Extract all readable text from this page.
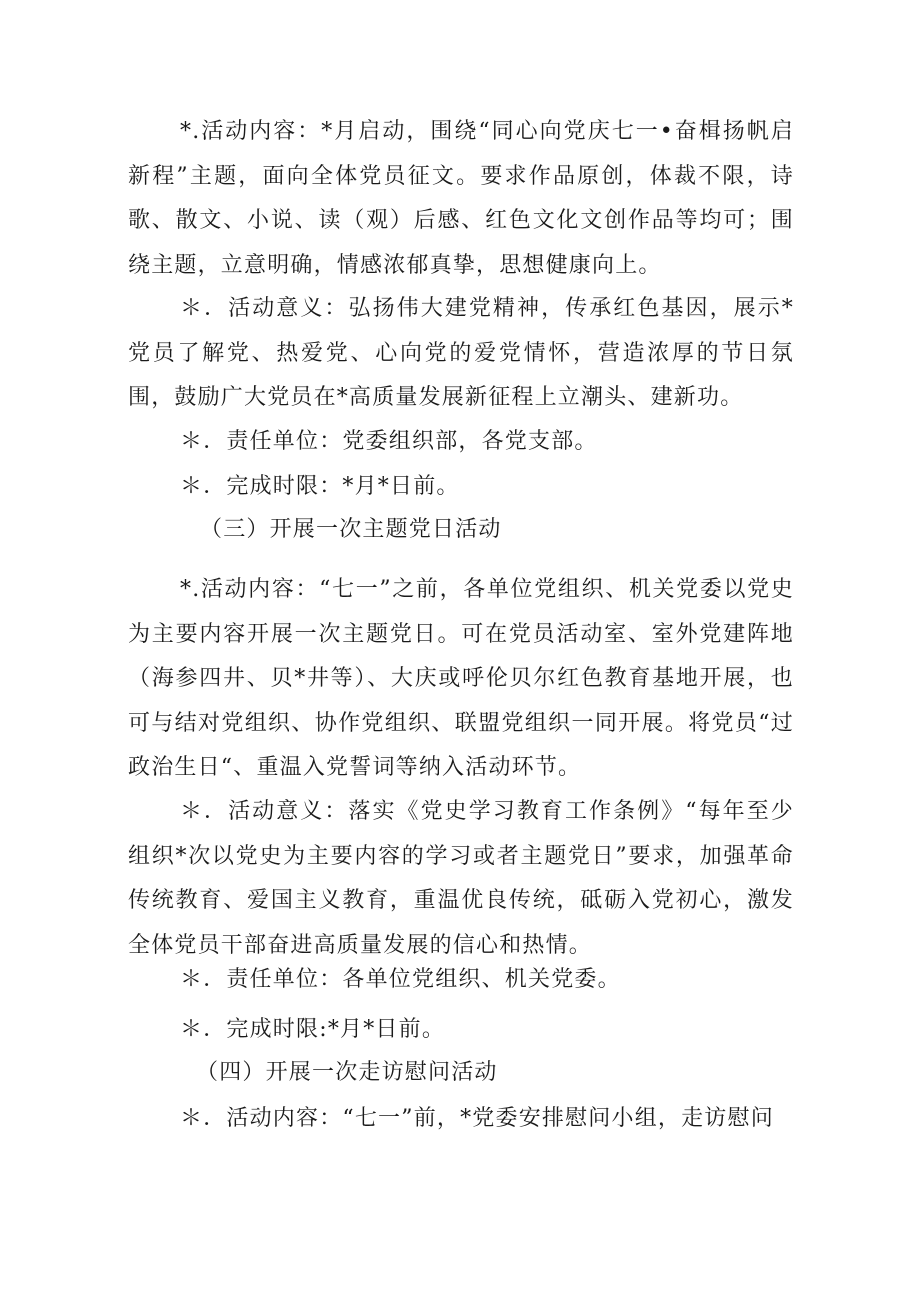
*.活动内容：*月启动，围绕“同心向党庆七一•奋楫扬帆启新程”主题，面向全体党员征文。要求作品原创，体裁不限，诗歌、散文、小说、读（观）后感、红色文化文创作品等均可；围绕主题，立意明确，情感浓郁真挚，思想健康向上。

＊．活动意义：弘扬伟大建党精神，传承红色基因，展示*党员了解党、热爱党、心向党的爱党情怀，营造浓厚的节日氛围，鼓励广大党员在*高质量发展新征程上立潮头、建新功。

＊．责任单位：党委组织部，各党支部。

＊．完成时限：*月*日前。

（三）开展一次主题党日活动

*.活动内容：“七一”之前，各单位党组织、机关党委以党史为主要内容开展一次主题党日。可在党员活动室、室外党建阵地（海参四井、贝*井等）、大庆或呼伦贝尔红色教育基地开展，也可与结对党组织、协作党组织、联盟党组织一同开展。将党员“过政治生日“、重温入党誓词等纳入活动环节。

＊．活动意义：落实《党史学习教育工作条例》“每年至少组织*次以党史为主要内容的学习或者主题党日”要求，加强革命传统教育、爱国主义教育，重温优良传统，砥砺入党初心，激发全体党员干部奋进高质量发展的信心和热情。

＊．责任单位：各单位党组织、机关党委。

＊．完成时限:*月*日前。

（四）开展一次走访慰问活动

＊．活动内容：“七一”前，*党委安排慰问小组，走访慰问
